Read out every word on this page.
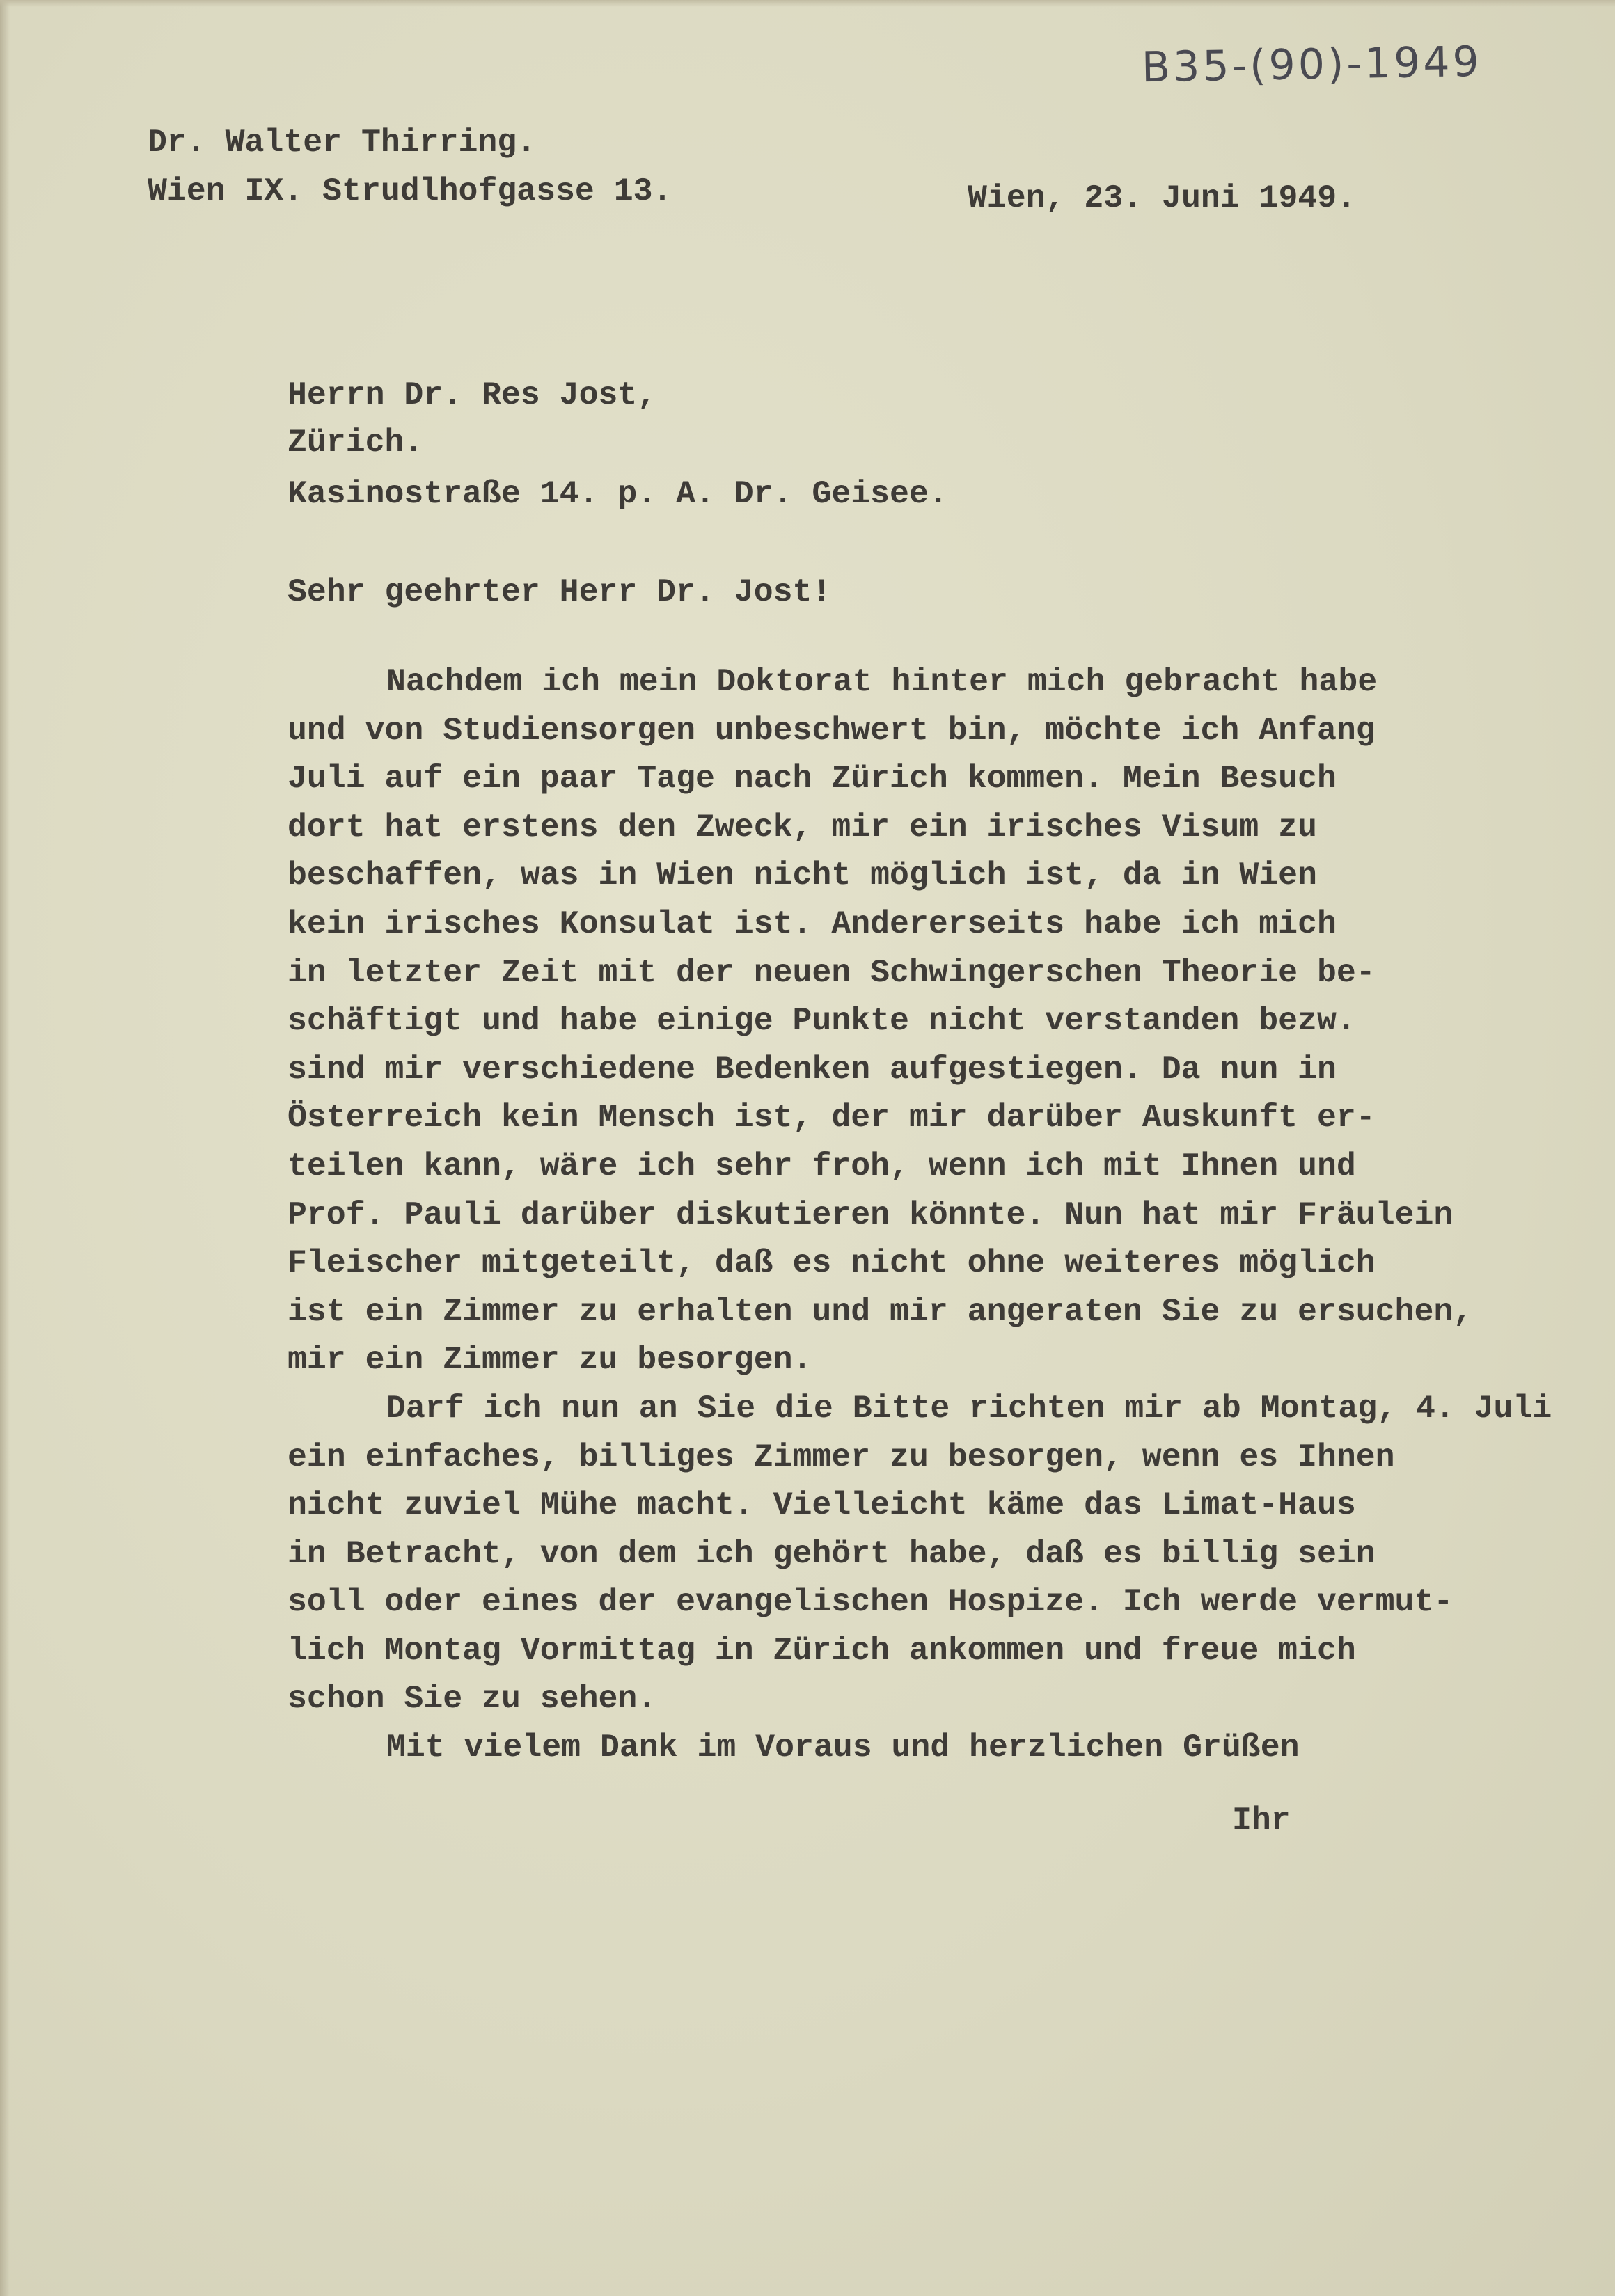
B35-(90)-1949
Dr. Walter Thirring.
Wien IX. Strudlhofgasse 13.	Wien, 23. Juni 1949.
Herrn Dr. Res Jost,
Zürich.
Kasinostraße 14. p. A. Dr. Geisee.
Sehr geehrter Herr Dr. Jost!
Nachdem ich mein Doktorat hinter mich gebracht habe
und von Studiensorgen unbeschwert bin, möchte ich Anfang
Juli auf ein paar Tage nach Zürich kommen. Mein Besuch
dort hat erstens den Zweck, mir ein irisches Visum zu
beschaffen, was in Wien nicht möglich ist, da in Wien
kein irisches Konsulat ist. Andererseits habe ich mich
in letzter Zeit mit der neuen Schwingerschen Theorie be-
schäftigt und habe einige Punkte nicht verstanden bezw.
sind mir verschiedene Bedenken aufgestiegen. Da nun in
Österreich kein Mensch ist, der mir darüber Auskunft er-
teilen kann, wäre ich sehr froh, wenn ich mit Ihnen und
Prof. Pauli darüber diskutieren könnte. Nun hat mir Fräulein
Fleischer mitgeteilt, daß es nicht ohne weiteres möglich
ist ein Zimmer zu erhalten und mir angeraten Sie zu ersuchen,
mir ein Zimmer zu besorgen.
Darf ich nun an Sie die Bitte richten mir ab Montag, 4. Juli
ein einfaches, billiges Zimmer zu besorgen, wenn es Ihnen
nicht zuviel Mühe macht. Vielleicht käme das Limat-Haus
in Betracht, von dem ich gehört habe, daß es billig sein
soll oder eines der evangelischen Hospize. Ich werde vermut-
lich Montag Vormittag in Zürich ankommen und freue mich
schon Sie zu sehen.
Mit vielem Dank im Voraus und herzlichen Grüßen
Ihr
